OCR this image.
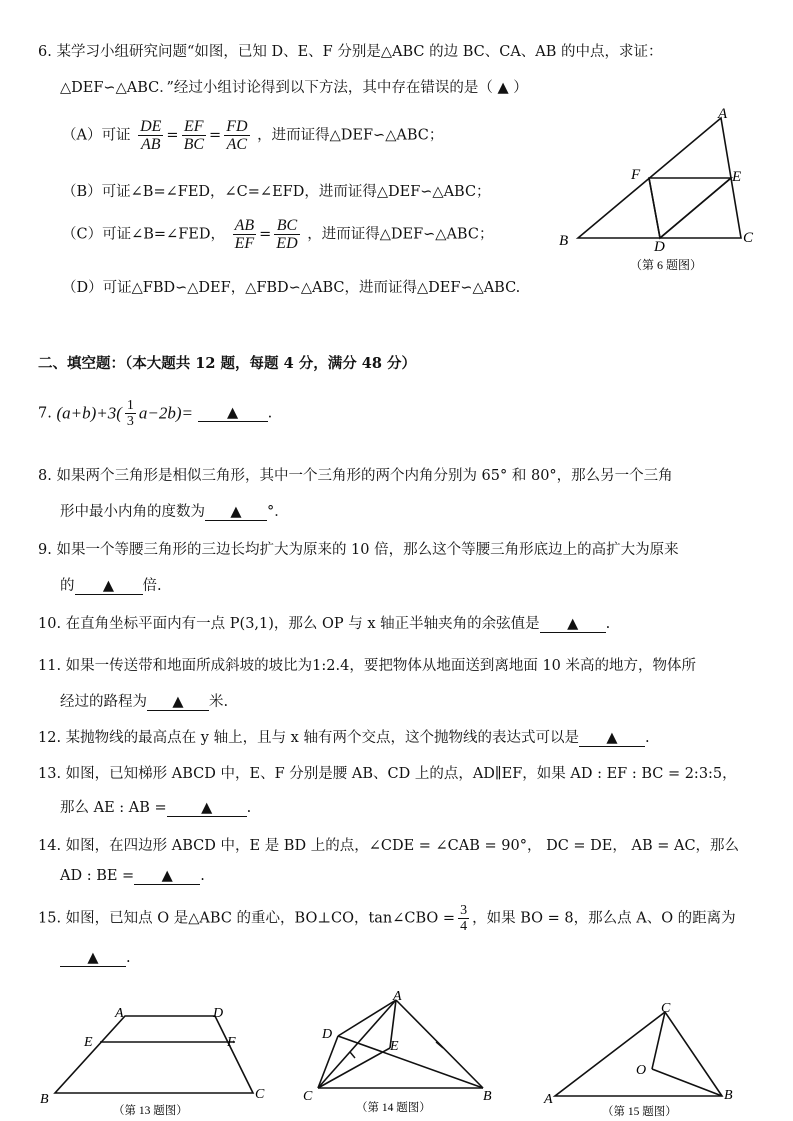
6. 某学习小组研究问题“如图，已知 D、E、F 分别是△ABC 的边 BC、CA、AB 的中点，求证：
△DEF∽△ABC．”经过小组讨论得到以下方法，其中存在错误的是（ ▲ ）
（A）可证 $\frac{DE}{AB} = \frac{EF}{BC} = \frac{FD}{AC}$ ，进而证得△DEF∽△ABC；
（B）可证∠B=∠FED，∠C=∠EFD，进而证得△DEF∽△ABC；
（C）可证∠B=∠FED， $\frac{AB}{EF} = \frac{BC}{ED}$ ，进而证得△DEF∽△ABC；
（D）可证△FBD∽△DEF，△FBD∽△ABC，进而证得△DEF∽△ABC.
A
B	C
D
E
F
（第 6 题图）
二、填空题：（本大题共 12 题，每题 4 分，满分 48 分）
7. $(a+b)+3( \frac{1}{3} a-2b)=$ ▲ .
8. 如果两个三角形是相似三角形，其中一个三角形的两个内角分别为 65° 和 80°，那么另一个三角
形中最小内角的度数为 ▲ °．
9. 如果一个等腰三角形的三边长均扩大为原来的 10 倍，那么这个等腰三角形底边上的高扩大为原来
的 ▲ 倍.
10. 在直角坐标平面内有一点 P(3,1)，那么 OP 与 x 轴正半轴夹角的余弦值是 ▲ .
11. 如果一传送带和地面所成斜坡的坡比为1:2.4，要把物体从地面送到离地面 10 米高的地方，物体所
经过的路程为 ▲ 米.
12. 某抛物线的最高点在 y 轴上，且与 x 轴有两个交点，这个抛物线的表达式可以是 ▲ .
13. 如图，已知梯形 ABCD 中，E、F 分别是腰 AB、CD 上的点，AD∥EF，如果 AD : EF : BC = 2:3:5，
那么 AE : AB = ▲ .
14. 如图，在四边形 ABCD 中，E 是 BD 上的点，∠CDE = ∠CAB = 90°， DC = DE， AB = AC，那么
AD : BE = ▲ .
15. 如图，已知点 O 是△ABC 的重心，BO⊥CO，tan∠CBO = $\frac{3}{4}$ ，如果 BO = 8，那么点 A、O 的距离为
▲ .
A	D
E	F
B	C
（第 13 题图）
A
D
E
C	B
（第 14 题图）
C
O
A	B
（第 15 题图）
